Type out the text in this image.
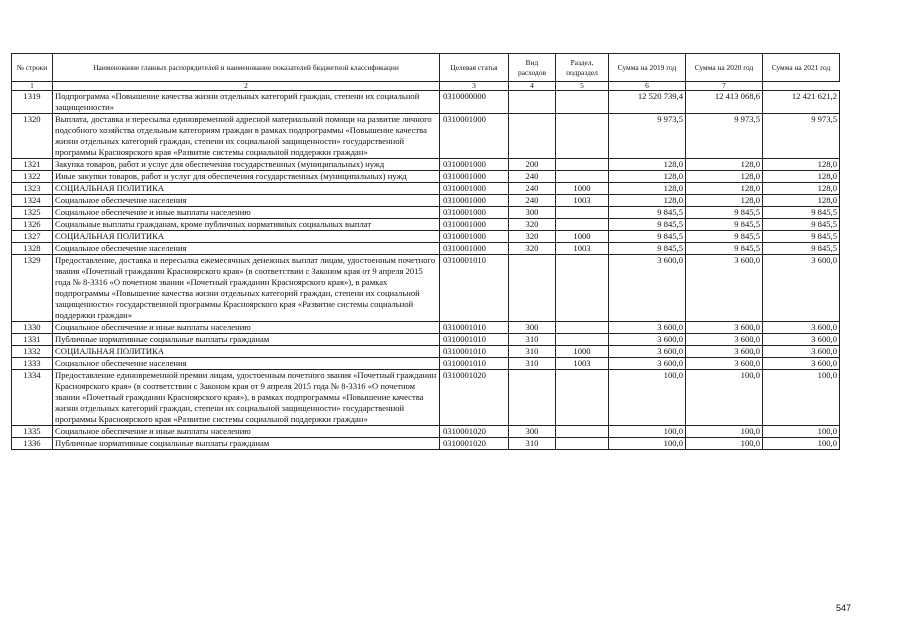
№ строки	Наименование главных распорядителей и наименование показателей бюджетной классификации	Целевая статья	Вид расходов	Раздел, подраздел	Сумма на 2019 год	Сумма на 2020 год	Сумма на 2021 год
1	2	3	4	5	6	7	
1319	Подпрограмма «Повышение качества жизни отдельных категорий граждан, степени их социальной защищенности»	0310000000			12 520 739,4	12 413 068,6	12 421 621,2
1320	Выплата, доставка и пересылка единовременной адресной материальной помощи на развитие личного подсобного хозяйства отдельным категориям граждан в рамках подпрограммы «Повышение качества жизни отдельных категорий граждан, степени их социальной защищенности» государственной программы Красноярского края «Развитие системы социальной поддержки граждан»	0310001000			9 973,5	9 973,5	9 973,5
1321	Закупка товаров, работ и услуг для обеспечения государственных (муниципальных) нужд	0310001000	200		128,0	128,0	128,0
1322	Иные закупки товаров, работ и услуг для обеспечения государственных (муниципальных) нужд	0310001000	240		128,0	128,0	128,0
1323	СОЦИАЛЬНАЯ ПОЛИТИКА	0310001000	240	1000	128,0	128,0	128,0
1324	Социальное обеспечение населения	0310001000	240	1003	128,0	128,0	128,0
1325	Социальное обеспечение и иные выплаты населению	0310001000	300		9 845,5	9 845,5	9 845,5
1326	Социальные выплаты гражданам, кроме публичных нормативных социальных выплат	0310001000	320		9 845,5	9 845,5	9 845,5
1327	СОЦИАЛЬНАЯ ПОЛИТИКА	0310001000	320	1000	9 845,5	9 845,5	9 845,5
1328	Социальное обеспечение населения	0310001000	320	1003	9 845,5	9 845,5	9 845,5
1329	Предоставление, доставка и пересылка ежемесячных денежных выплат лицам, удостоенным почетного звания «Почетный гражданин Красноярского края» (в соответствии с Законом края от 9 апреля 2015 года № 8-3316 «О почетном звании «Почетный гражданин Красноярского края»), в рамках подпрограммы «Повышение качества жизни отдельных категорий граждан, степени их социальной защищенности» государственной программы Красноярского края «Развитие системы социальной поддержки граждан»	0310001010			3 600,0	3 600,0	3 600,0
1330	Социальное обеспечение и иные выплаты населению	0310001010	300		3 600,0	3 600,0	3 600,0
1331	Публичные нормативные социальные выплаты гражданам	0310001010	310		3 600,0	3 600,0	3 600,0
1332	СОЦИАЛЬНАЯ ПОЛИТИКА	0310001010	310	1000	3 600,0	3 600,0	3 600,0
1333	Социальное обеспечение населения	0310001010	310	1003	3 600,0	3 600,0	3 600,0
1334	Предоставление единовременной премии лицам, удостоенным почетного звания «Почетный гражданин Красноярского края» (в соответствии с Законом края от 9 апреля 2015 года № 8-3316 «О почетном звании «Почетный гражданин Красноярского края»), в рамках подпрограммы «Повышение качества жизни отдельных категорий граждан, степени их социальной защищенности» государственной программы Красноярского края «Развитие системы социальной поддержки граждан»	0310001020			100,0	100,0	100,0
1335	Социальное обеспечение и иные выплаты населению	0310001020	300		100,0	100,0	100,0
1336	Публичные нормативные социальные выплаты гражданам	0310001020	310		100,0	100,0	100,0
547
